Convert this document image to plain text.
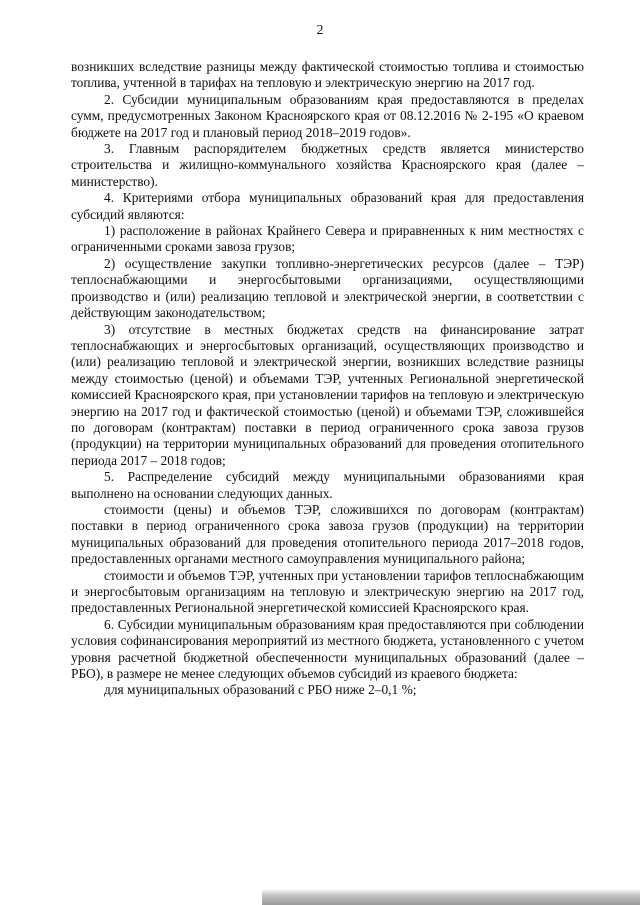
2

возникших вследствие разницы между фактической стоимостью топлива и стоимостью топлива, учтенной в тарифах на тепловую и электрическую энергию на 2017 год.

2. Субсидии муниципальным образованиям края предоставляются в пределах сумм, предусмотренных Законом Красноярского края от 08.12.2016 № 2-195 «О краевом бюджете на 2017 год и плановый период 2018–2019 годов».

3. Главным распорядителем бюджетных средств является министерство строительства и жилищно-коммунального хозяйства Красноярского края (далее – министерство).

4. Критериями отбора муниципальных образований края для предоставления субсидий являются:

1) расположение в районах Крайнего Севера и приравненных к ним местностях с ограниченными сроками завоза грузов;

2) осуществление закупки топливно-энергетических ресурсов (далее – ТЭР) теплоснабжающими и энергосбытовыми организациями, осуществляющими производство и (или) реализацию тепловой и электрической энергии, в соответствии с действующим законодательством;

3) отсутствие в местных бюджетах средств на финансирование затрат теплоснабжающих и энергосбытовых организаций, осуществляющих производство и (или) реализацию тепловой и электрической энергии, возникших вследствие разницы между стоимостью (ценой) и объемами ТЭР, учтенных Региональной энергетической комиссией Красноярского края, при установлении тарифов на тепловую и электрическую энергию на 2017 год и фактической стоимостью (ценой) и объемами ТЭР, сложившейся по договорам (контрактам) поставки в период ограниченного срока завоза грузов (продукции) на территории муниципальных образований для проведения отопительного периода 2017 – 2018 годов;

5. Распределение субсидий между муниципальными образованиями края выполнено на основании следующих данных.

стоимости (цены) и объемов ТЭР, сложившихся по договорам (контрактам) поставки в период ограниченного срока завоза грузов (продукции) на территории муниципальных образований для проведения отопительного периода 2017–2018 годов, предоставленных органами местного самоуправления муниципального района;

стоимости и объемов ТЭР, учтенных при установлении тарифов теплоснабжающим и энергосбытовым организациям на тепловую и электрическую энергию на 2017 год, предоставленных Региональной энергетической комиссией Красноярского края.

6. Субсидии муниципальным образованиям края предоставляются при соблюдении условия софинансирования мероприятий из местного бюджета, установленного с учетом уровня расчетной бюджетной обеспеченности муниципальных образований (далее – РБО), в размере не менее следующих объемов субсидий из краевого бюджета:

для муниципальных образований с РБО ниже 2–0,1 %;
